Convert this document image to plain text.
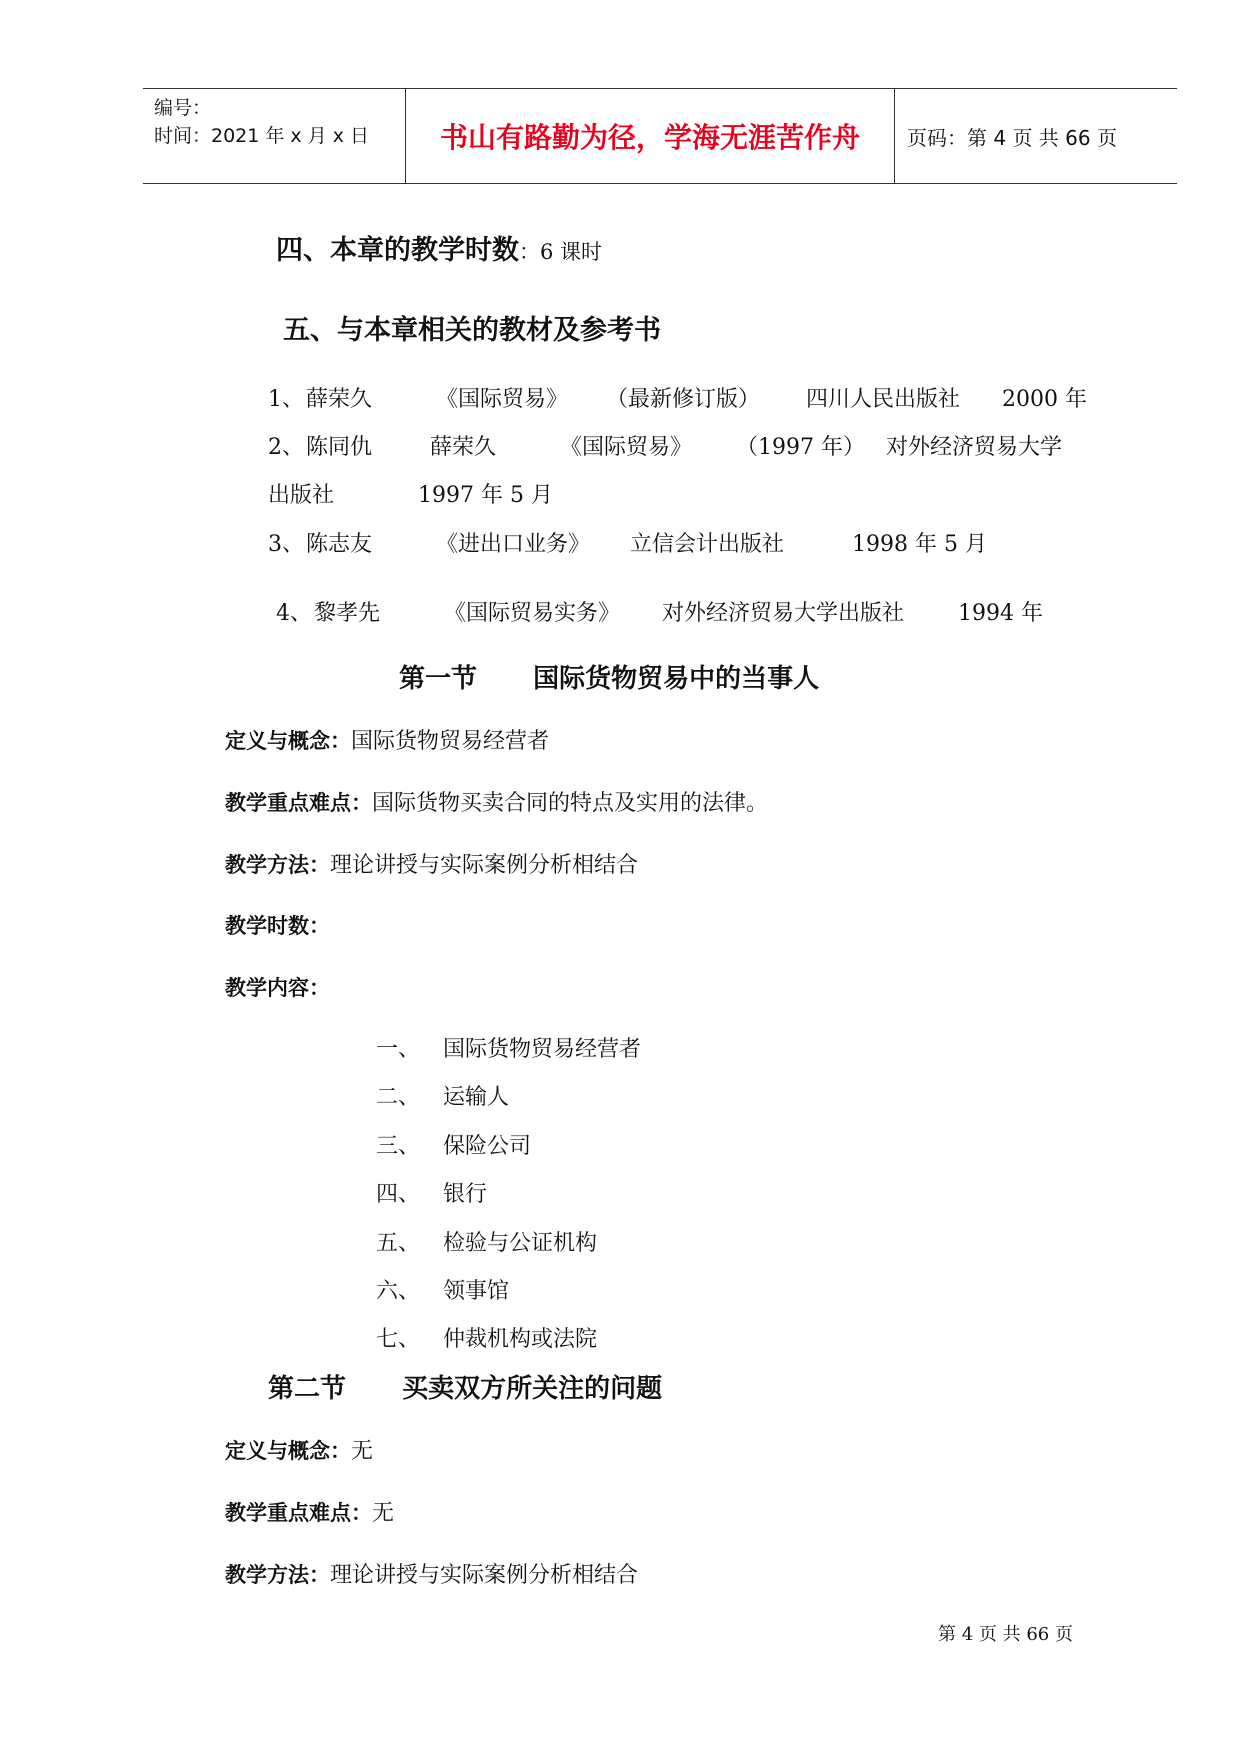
编号：
时间：2021 年 x 月 x 日	书山有路勤为径，学海无涯苦作舟	页码：第 4 页 共 66 页
四、本章的教学时数：6 课时
五、与本章相关的教材及参考书
1、 薛荣久	《国际贸易》 （最新修订版） 四川人民出版社 2000 年
2、 陈同仇	薛荣久	《国际贸易》 （1997 年） 对外经济贸易大学
出版社	1997 年 5 月
3、 陈志友	《进出口业务》 立信会计出版社	1998 年 5 月
4、 黎孝先	《国际贸易实务》 对外经济贸易大学出版社 1994 年
第一节 国际货物贸易中的当事人
定义与概念：国际货物贸易经营者
教学重点难点：国际货物买卖合同的特点及实用的法律。
教学方法：理论讲授与实际案例分析相结合
教学时数：
教学内容：
一、 国际货物贸易经营者
二、 运输人
三、 保险公司
四、 银行
五、 检验与公证机构
六、 领事馆
七、 仲裁机构或法院
第二节 买卖双方所关注的问题
定义与概念：无
教学重点难点：无
教学方法：理论讲授与实际案例分析相结合
第 4 页 共 66 页
